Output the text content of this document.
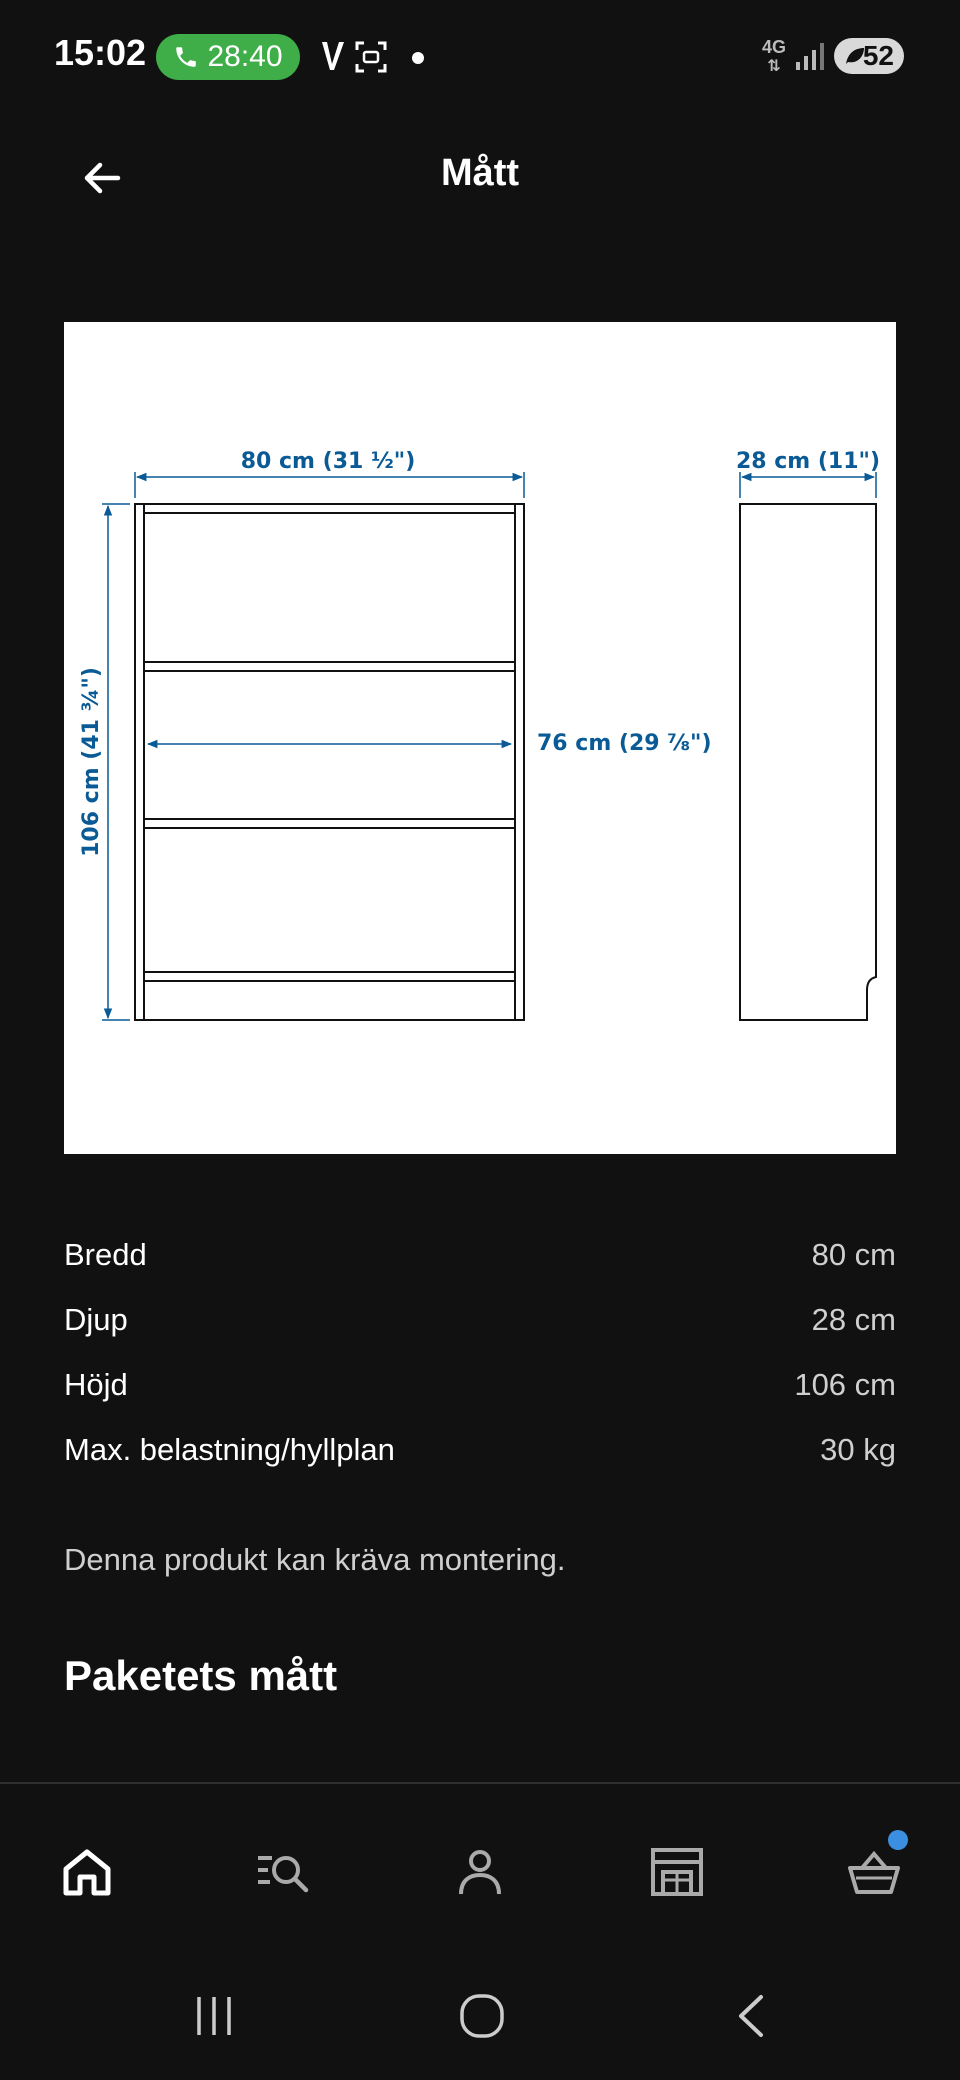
15:02 28:40	4G
⇅	52
Mått
80 cm (31 ½")	28 cm (11")
106 cm (41 ¾")	76 cm (29 ⅞")
Bredd	80 cm
Djup	28 cm
Höjd	106 cm
Max. belastning/hyllplan	30 kg
Denna produkt kan kräva montering.
Paketets mått
